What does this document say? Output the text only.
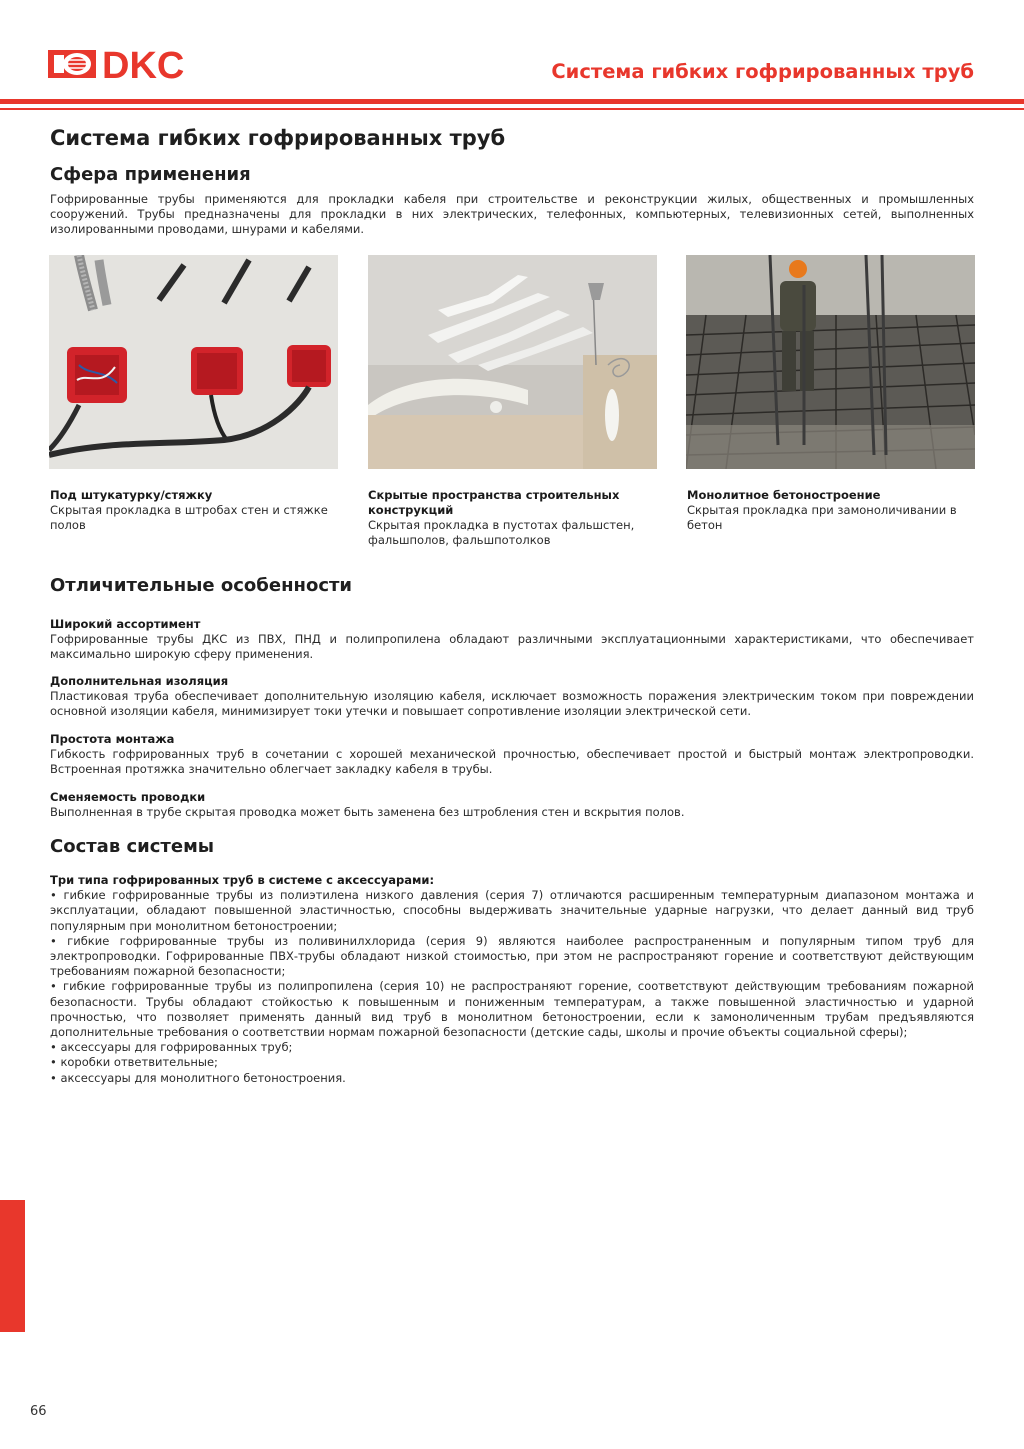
DKC	Система гибких гофрированных труб
Система гибких гофрированных труб
Сфера применения

Гофрированные трубы применяются для прокладки кабеля при строительстве и реконструкции жилых, общественных и промышленных сооружений. Трубы предназначены для прокладки в них электрических, телефонных, компьютерных, телевизионных сетей, выполненных изолированными проводами, шнурами и кабелями.

Под штукатурку/стяжку
Скрытая прокладка в штробах стен и стяжке полов
Скрытые пространства строительных конструкций
Скрытая прокладка в пустотах фальшстен, фальшполов, фальшпотолков
Монолитное бетоностроение
Скрытая прокладка при замоноличивании в бетон
Отличительные особенности
Широкий ассортимент
Гофрированные трубы ДКС из ПВХ, ПНД и полипропилена обладают различными эксплуатационными характеристиками, что обеспечивает максимально широкую сферу применения.
Дополнительная изоляция
Пластиковая труба обеспечивает дополнительную изоляцию кабеля, исключает возможность поражения электрическим током при повреждении основной изоляции кабеля, минимизирует токи утечки и повышает сопротивление изоляции электрической сети.
Простота монтажа
Гибкость гофрированных труб в сочетании с хорошей механической прочностью, обеспечивает простой и быстрый монтаж электропроводки. Встроенная протяжка значительно облегчает закладку кабеля в трубы.
Сменяемость проводки
Выполненная в трубе скрытая проводка может быть заменена без штробления стен и вскрытия полов.
Состав системы
Три типа гофрированных труб в системе с аксессуарами:
• гибкие гофрированные трубы из полиэтилена низкого давления (серия 7) отличаются расширенным температурным диапазоном монтажа и эксплуатации, обладают повышенной эластичностью, способны выдерживать значительные ударные нагрузки, что делает данный вид труб популярным при монолитном бетоностроении;
• гибкие гофрированные трубы из поливинилхлорида (серия 9) являются наиболее распространенным и популярным типом труб для электропроводки. Гофрированные ПВХ-трубы обладают низкой стоимостью, при этом не распространяют горение и соответствуют действующим требованиям пожарной безопасности;
• гибкие гофрированные трубы из полипропилена (серия 10) не распространяют горение, соответствуют действующим требованиям пожарной безопасности. Трубы обладают стойкостью к повышенным и пониженным температурам, а также повышенной эластичностью и ударной прочностью, что позволяет применять данный вид труб в монолитном бетоностроении, если к замоноличенным трубам предъявляются дополнительные требования о соответствии нормам пожарной безопасности (детские сады, школы и прочие объекты социальной сферы);
• аксессуары для гофрированных труб;
• коробки ответвительные;
• аксессуары для монолитного бетоностроения.
66
